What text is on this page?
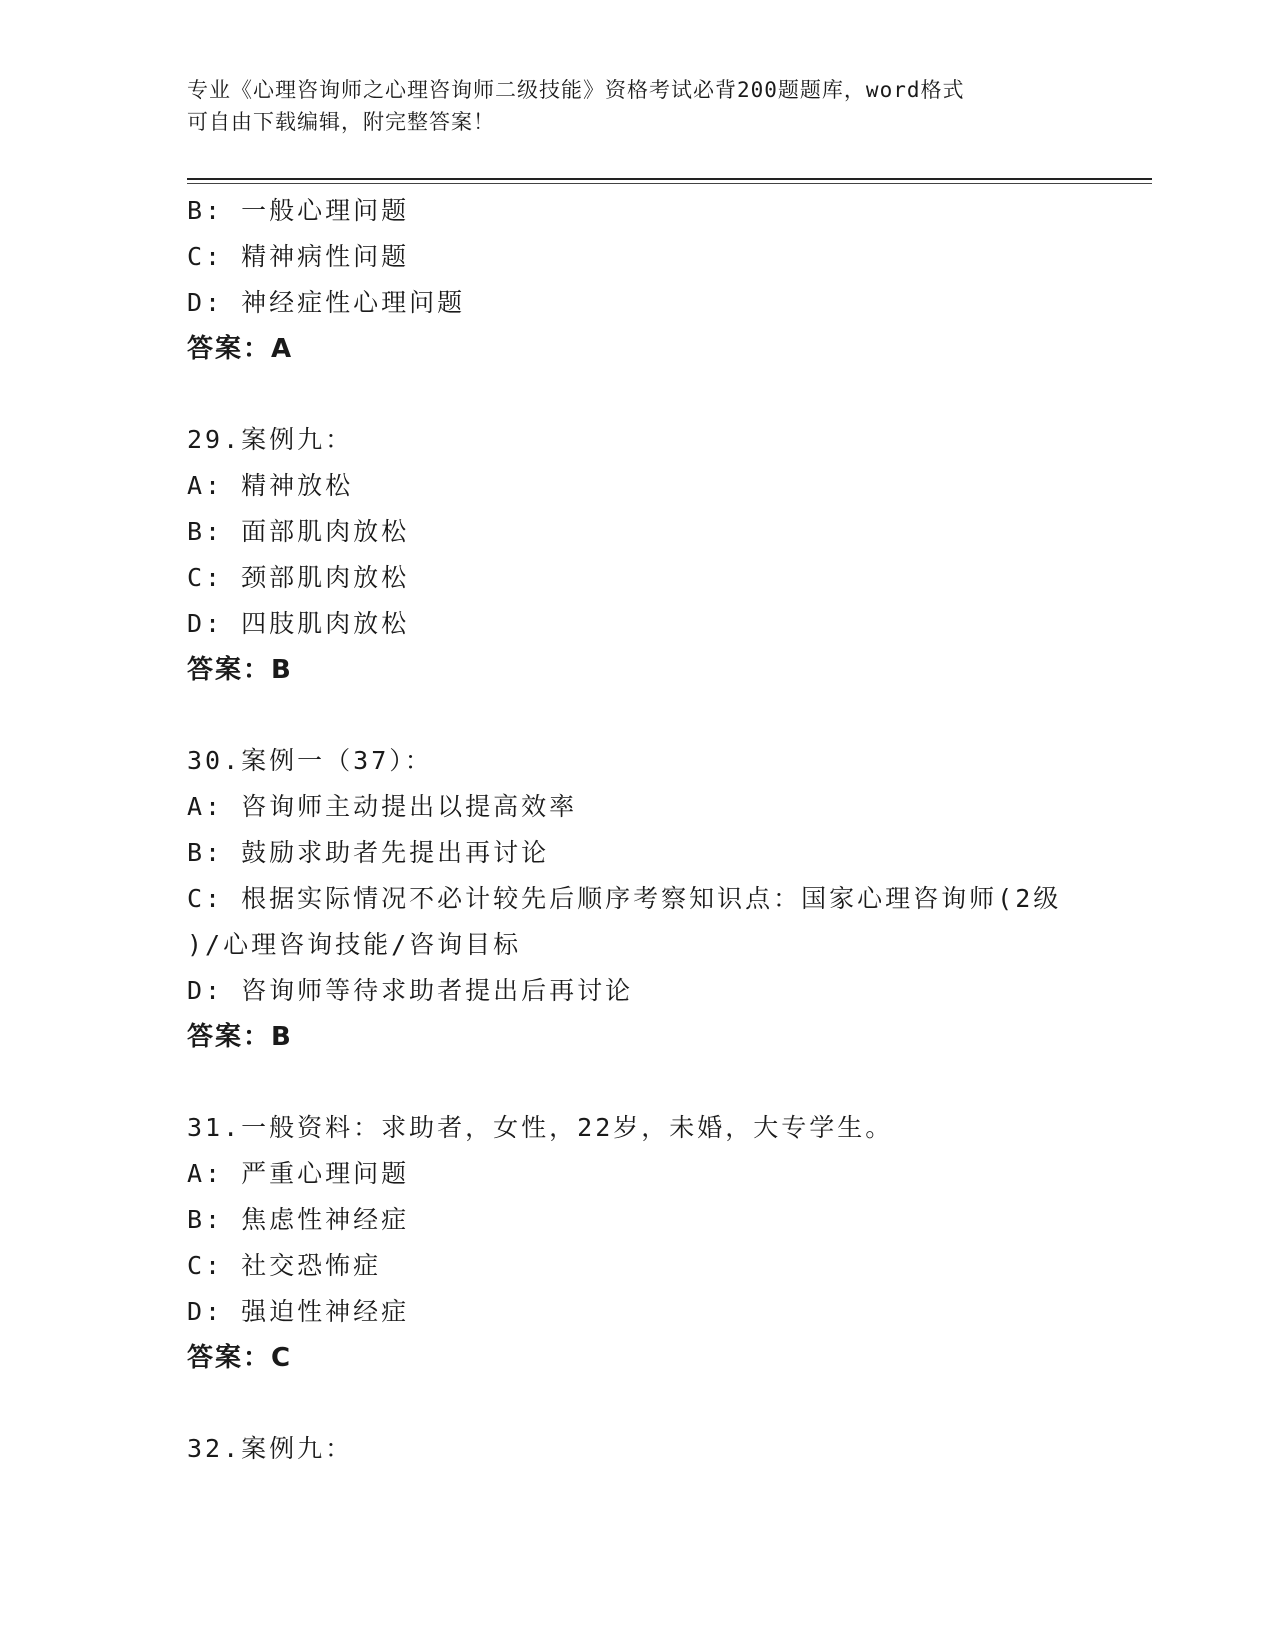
专业《心理咨询师之心理咨询师二级技能》资格考试必背200题题库，word格式
可自由下载编辑，附完整答案！
B: 一般心理问题
C: 精神病性问题
D: 神经症性心理问题
答案：A
29.案例九：
A: 精神放松
B: 面部肌肉放松
C: 颈部肌肉放松
D: 四肢肌肉放松
答案：B
30.案例一（37）：
A: 咨询师主动提出以提高效率
B: 鼓励求助者先提出再讨论
C: 根据实际情况不必计较先后顺序考察知识点：国家心理咨询师(2级
)/心理咨询技能/咨询目标
D: 咨询师等待求助者提出后再讨论
答案：B
31.一般资料：求助者，女性，22岁，未婚，大专学生。
A: 严重心理问题
B: 焦虑性神经症
C: 社交恐怖症
D: 强迫性神经症
答案：C
32.案例九：
